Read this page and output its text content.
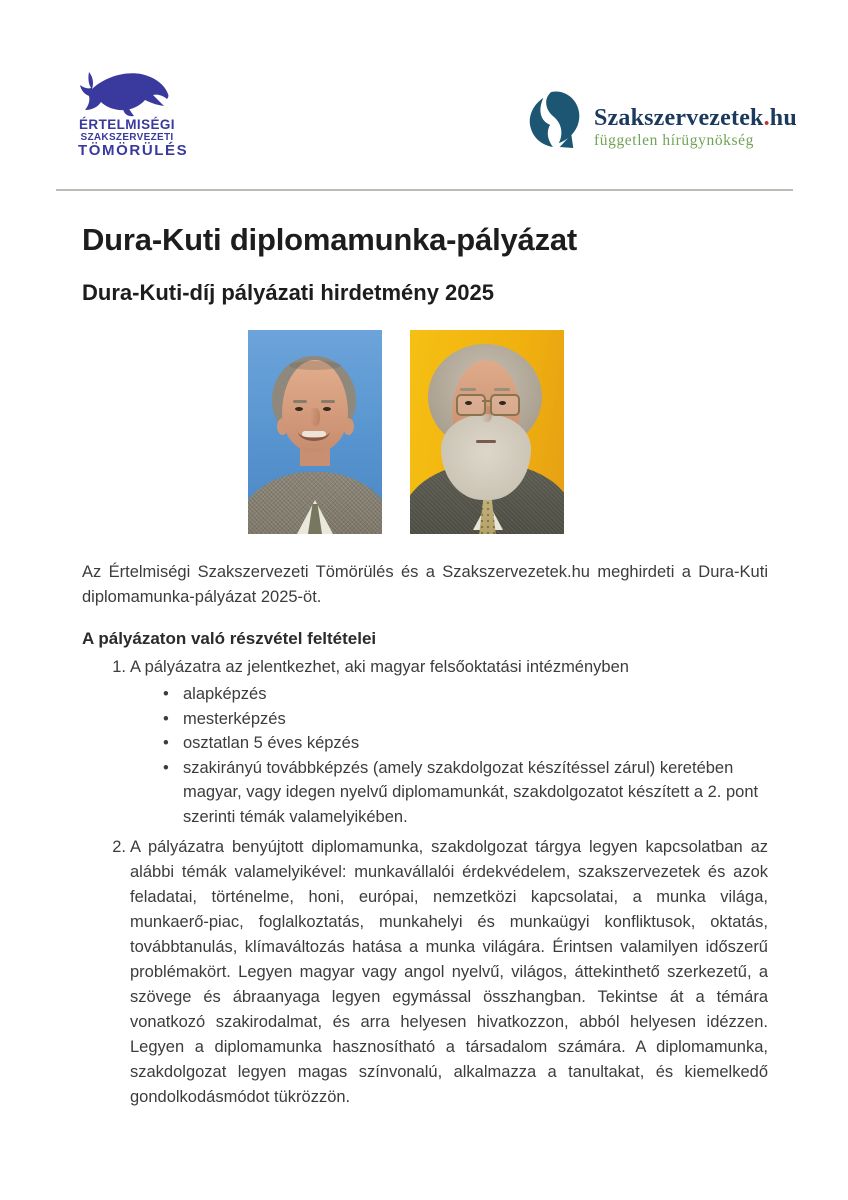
ÉRTELMISÉGI
SZAKSZERVEZETI
TÖMÖRÜLÉS
Szakszervezetek.hu
független hírügynökség
Dura-Kuti diplomamunka-pályázat
Dura-Kuti-díj pályázati hirdetmény 2025

Az Értelmiségi Szakszervezeti Tömörülés és a Szakszervezetek.hu meghirdeti a Dura-Kuti diplomamunka-pályázat 2025-öt.

A pályázaton való részvétel feltételei
1. A pályázatra az jelentkezhet, aki magyar felsőoktatási intézményben
• alapképzés
• mesterképzés
• osztatlan 5 éves képzés
• szakirányú továbbképzés (amely szakdolgozat készítéssel zárul) keretében magyar, vagy idegen nyelvű diplomamunkát, szakdolgozatot készített a 2. pont szerinti témák valamelyikében.
2. A pályázatra benyújtott diplomamunka, szakdolgozat tárgya legyen kapcsolatban az alábbi témák valamelyikével: munkavállalói érdekvédelem, szakszervezetek és azok feladatai, történelme, honi, európai, nemzetközi kapcsolatai, a munka világa, munkaerő-piac, foglalkoztatás, munkahelyi és munkaügyi konfliktusok, oktatás, továbbtanulás, klímaváltozás hatása a munka világára. Érintsen valamilyen időszerű problémakört. Legyen magyar vagy angol nyelvű, világos, áttekinthető szerkezetű, a szövege és ábraanyaga legyen egymással összhangban. Tekintse át a témára vonatkozó szakirodalmat, és arra helyesen hivatkozzon, abból helyesen idézzen. Legyen a diplomamunka hasznosítható a társadalom számára. A diplomamunka, szakdolgozat legyen magas színvonalú, alkalmazza a tanultakat, és kiemelkedő gondolkodásmódot tükrözzön.
